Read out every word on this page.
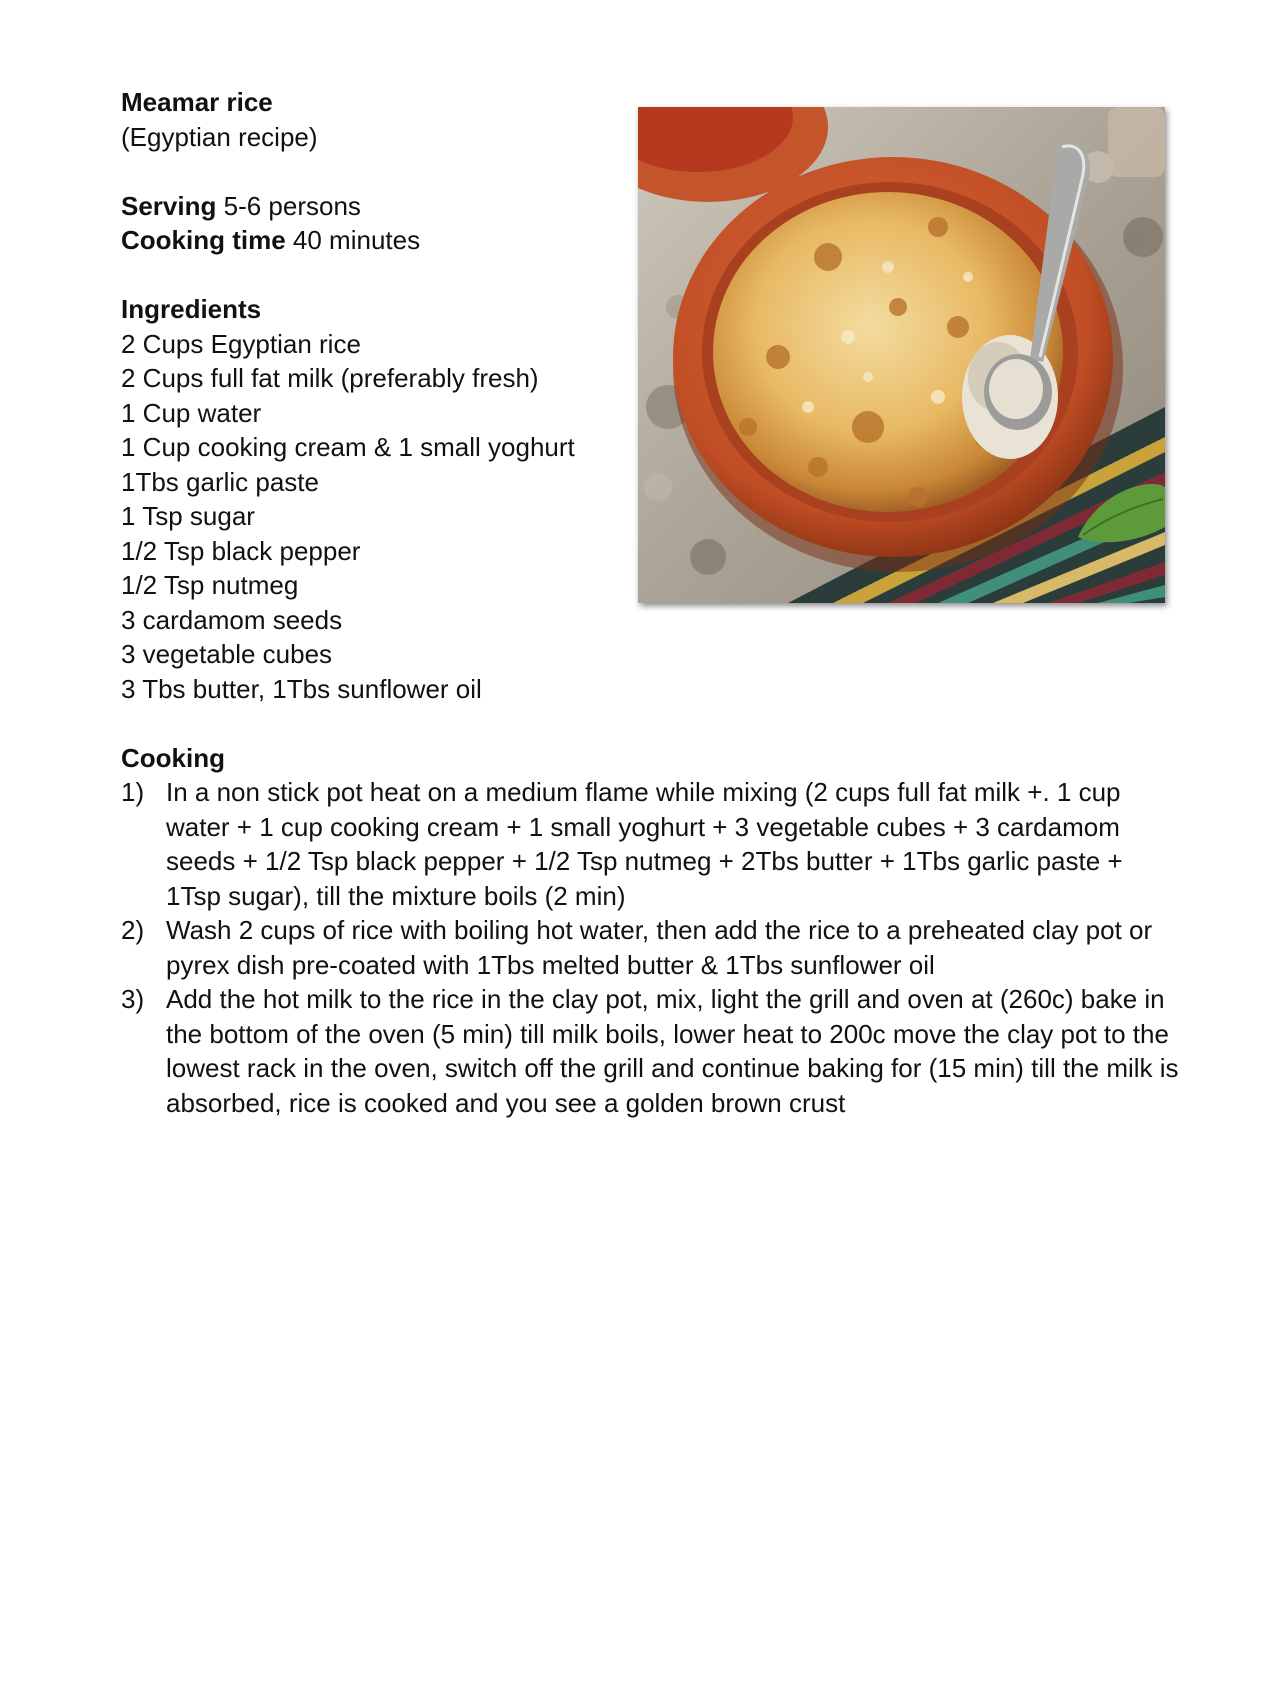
Meamar rice
(Egyptian recipe)
Serving 5-6 persons
Cooking time 40 minutes
Ingredients
2 Cups Egyptian rice
2 Cups full fat milk (preferably fresh)
1 Cup water
1 Cup cooking cream & 1 small yoghurt
1Tbs garlic paste
1 Tsp sugar
1/2 Tsp black pepper
1/2 Tsp nutmeg
3 cardamom seeds
3 vegetable cubes
3 Tbs butter, 1Tbs sunflower oil
Cooking
1) In a non stick pot heat on a medium flame while mixing (2 cups full fat milk +. 1 cup water + 1 cup cooking cream + 1 small yoghurt + 3 vegetable cubes + 3 cardamom seeds + 1/2 Tsp black pepper + 1/2 Tsp nutmeg + 2Tbs butter + 1Tbs garlic paste + 1Tsp sugar), till the mixture boils (2 min)
2) Wash 2 cups of rice with boiling hot water, then add the rice to a preheated clay pot or pyrex dish pre-coated with 1Tbs melted butter & 1Tbs sunflower oil
3) Add the hot milk to the rice in the clay pot, mix, light the grill and oven at (260c) bake in the bottom of the oven (5 min) till milk boils, lower heat to 200c move the clay pot to the lowest rack in the oven, switch off the grill and continue baking for (15 min) till the milk is absorbed, rice is cooked and you see a golden brown crust
